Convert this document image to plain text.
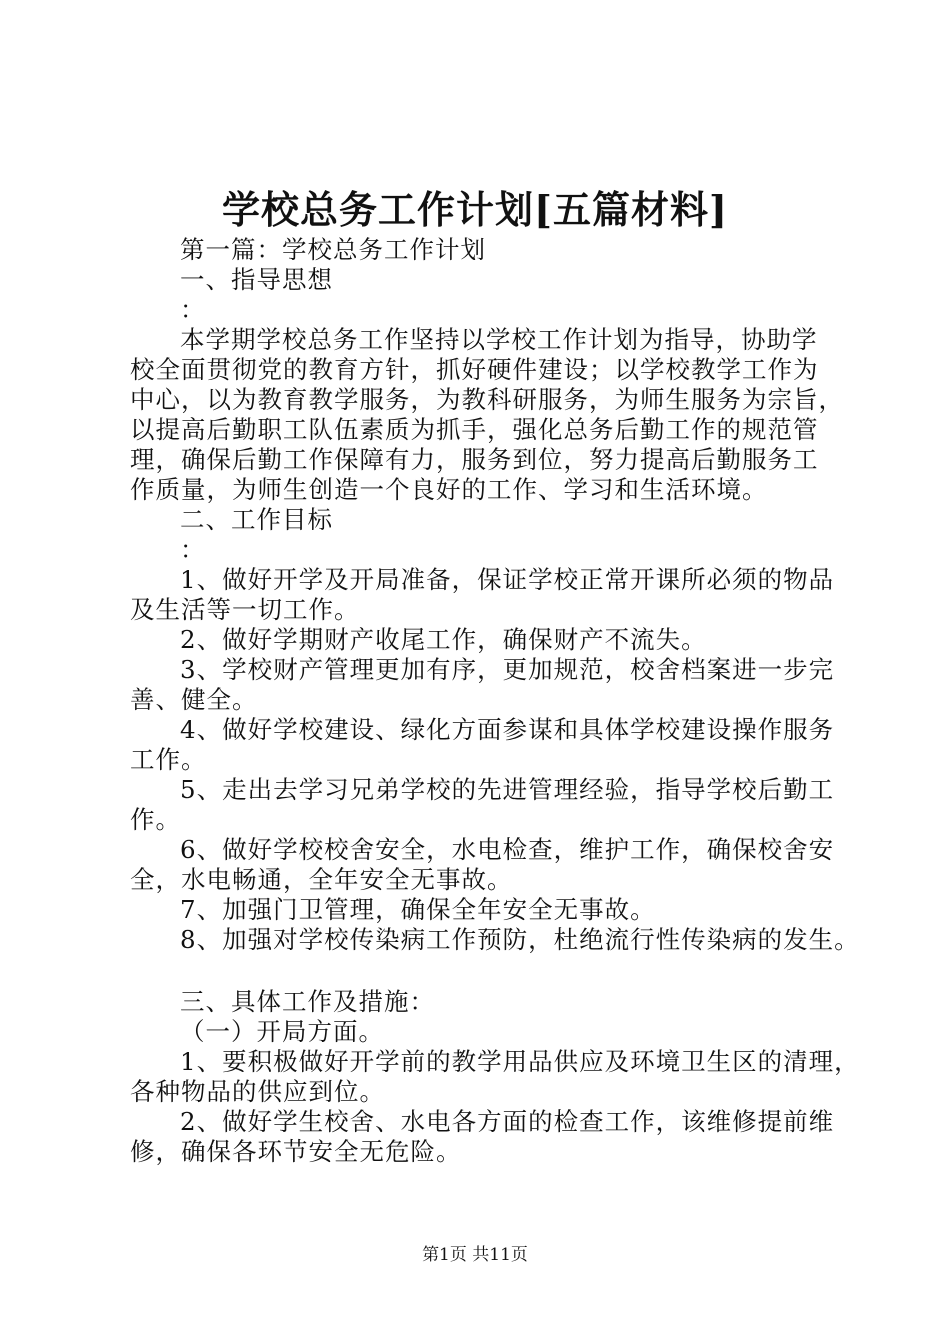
学校总务工作计划[五篇材料]
第一篇：学校总务工作计划
一、指导思想
：
本学期学校总务工作坚持以学校工作计划为指导，协助学
校全面贯彻党的教育方针，抓好硬件建设；以学校教学工作为
中心，以为教育教学服务，为教科研服务，为师生服务为宗旨，
以提高后勤职工队伍素质为抓手，强化总务后勤工作的规范管
理，确保后勤工作保障有力，服务到位，努力提高后勤服务工
作质量，为师生创造一个良好的工作、学习和生活环境。
二、工作目标
：
1、做好开学及开局准备，保证学校正常开课所必须的物品
及生活等一切工作。
2、做好学期财产收尾工作，确保财产不流失。
3、学校财产管理更加有序，更加规范，校舍档案进一步完
善、健全。
4、做好学校建设、绿化方面参谋和具体学校建设操作服务
工作。
5、走出去学习兄弟学校的先进管理经验，指导学校后勤工
作。
6、做好学校校舍安全，水电检查，维护工作，确保校舍安
全，水电畅通，全年安全无事故。
7、加强门卫管理，确保全年安全无事故。
8、加强对学校传染病工作预防，杜绝流行性传染病的发生。
三、具体工作及措施：
（一）开局方面。
1、要积极做好开学前的教学用品供应及环境卫生区的清理，
各种物品的供应到位。
2、做好学生校舍、水电各方面的检查工作，该维修提前维
修，确保各环节安全无危险。
第1页 共11页
